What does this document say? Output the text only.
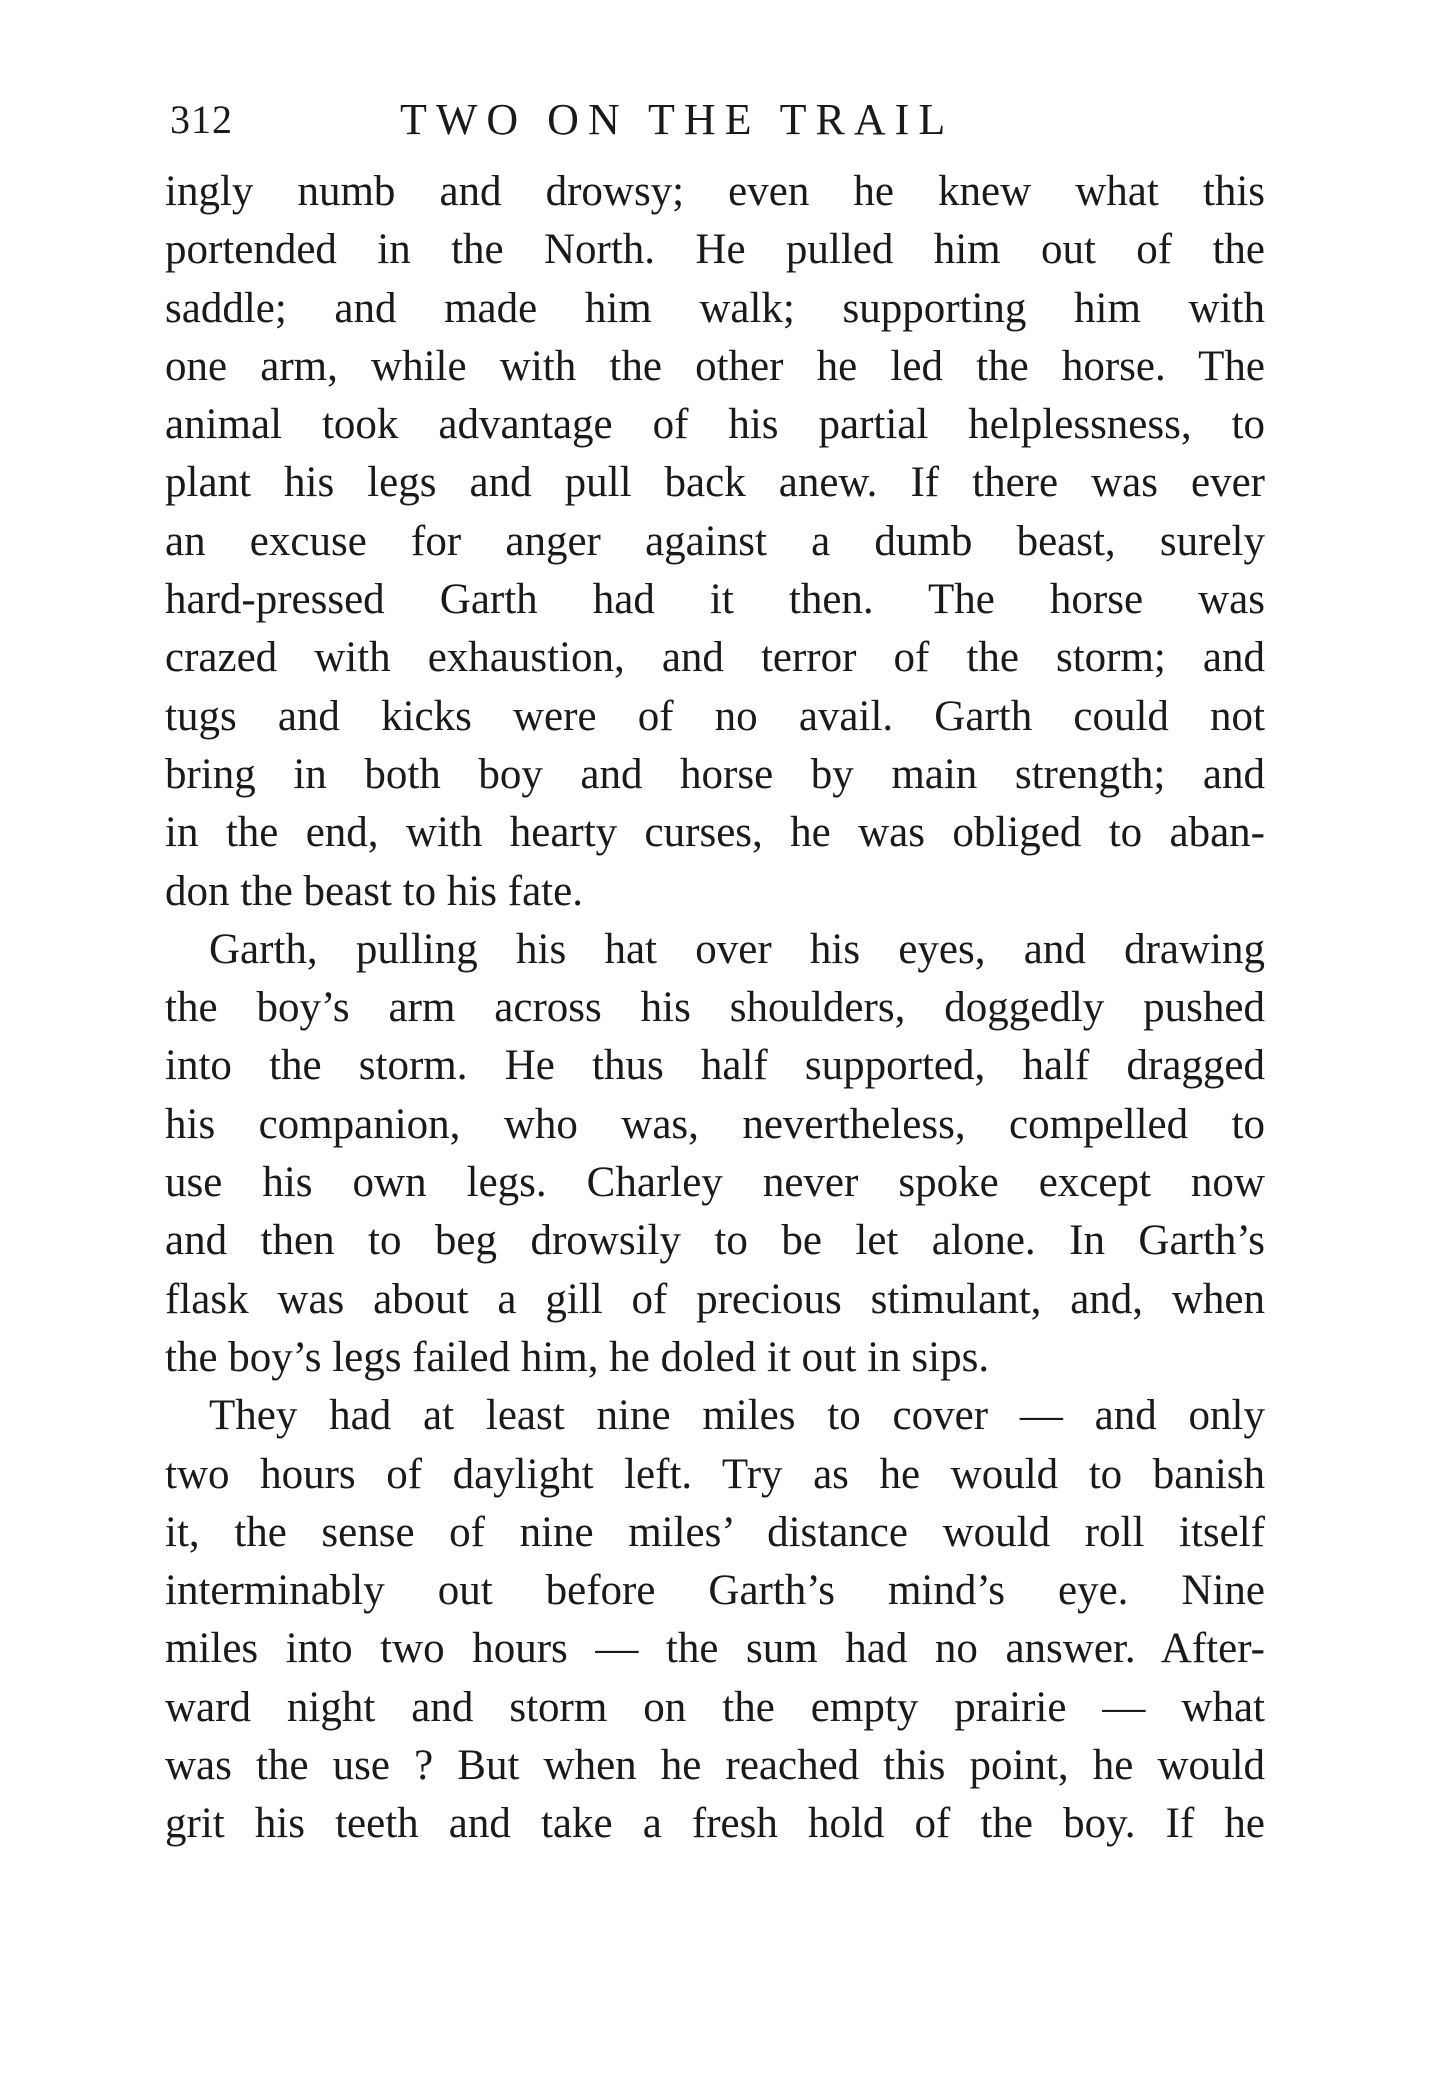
312	TWO ON THE TRAIL
ingly numb and drowsy; even he knew what this
portended in the North. He pulled him out of the
saddle; and made him walk; supporting him with
one arm, while with the other he led the horse. The
animal took advantage of his partial helplessness, to
plant his legs and pull back anew. If there was ever
an excuse for anger against a dumb beast, surely
hard-pressed Garth had it then. The horse was
crazed with exhaustion, and terror of the storm; and
tugs and kicks were of no avail. Garth could not
bring in both boy and horse by main strength; and
in the end, with hearty curses, he was obliged to aban-
don the beast to his fate.
Garth, pulling his hat over his eyes, and drawing
the boy’s arm across his shoulders, doggedly pushed
into the storm. He thus half supported, half dragged
his companion, who was, nevertheless, compelled to
use his own legs. Charley never spoke except now
and then to beg drowsily to be let alone. In Garth’s
flask was about a gill of precious stimulant, and, when
the boy’s legs failed him, he doled it out in sips.
They had at least nine miles to cover — and only
two hours of daylight left. Try as he would to banish
it, the sense of nine miles’ distance would roll itself
interminably out before Garth’s mind’s eye. Nine
miles into two hours — the sum had no answer. After-
ward night and storm on the empty prairie — what
was the use ? But when he reached this point, he would
grit his teeth and take a fresh hold of the boy. If he
